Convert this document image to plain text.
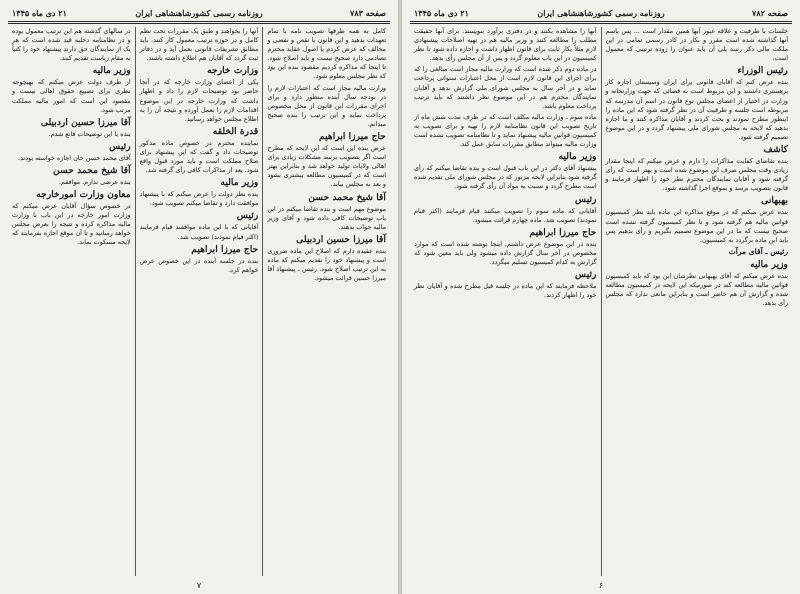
۲۱ دی ماه ۱۳۴۵	روزنامه رسمی کشورشاهنشاهی ایران	صفحه ۷۸۳
کامل به همه طرفها تصویب نامه با تمام تعهدات بدهید و این قانون با نقص و نقضی و مخالف که عرض کردم با اصول عقاید محترم تصادمی دارد صحیح نیست و باید اصلاح شود. تا اینجا که مذاکره کردیم مقصود بنده این بود که نظر مجلس معلوم شود.
وزارت مالیه مجاز است که اعتبارات لازم را در بودجه سال آینده منظور دارد و برای اجرای مقررات این قانون از محل مخصوص پرداخت نماید و این ترتیب را بنده صحیح میدانم.
حاج میرزا ابراهیم
عرض بنده این است که این لایحه که مطرح است اگر بتصویب برسد مشکلات زیادی برای اهالی ولایات تولید خواهد شد و بنابراین بهتر است که در کمیسیون مطالعه بیشتری بشود و بعد به مجلس بیاید.
آقا شیخ محمد حسن
موضوع مهم است و بنده تقاضا میکنم در این باب توضیحات کافی داده شود و آقای وزیر مالیه جواب بدهند.
آقا میرزا حسین اردبیلی
بنده عقیده دارم که اصلاح این ماده ضروری است و پیشنهاد خود را تقدیم میکنم که ماده به این ترتیب اصلاح شود. رئیس ـ پیشنهاد آقا میرزا حسین قرائت میشود.
آنها را بخواهند و طبق یک مقررات تحت نظم کامل و در حوزه ترتیب معمول کار کنند. باید مطابق تشریفات قانونی بعمل آید و در دفاتر ثبت گردد که آقایان هم اطلاع داشته باشند.
وزارت خارجه
یکی از اعضای وزارت خارجه که در آنجا حاضر بود توضیحات لازم را داد و اظهار داشت که وزارت خارجه در این موضوع اقدامات لازم را بعمل آورده و نتیجه آن را به اطلاع مجلس خواهد رسانید.
قدرة الخلقه
نماینده محترم در خصوص ماده مذکور توضیحات داد و گفت که این پیشنهاد برای صلاح مملکت است و باید مورد قبول واقع شود. بعد از مذاکرات کافی رأی گرفته شد.
وزیر مالیه
بنده نظر دولت را عرض میکنم که با پیشنهاد موافقت دارد و تقاضا میکنم تصویب شود.
رئیس
آقایانی که با این ماده موافقند قیام فرمایند (اکثر قیام نمودند) تصویب شد.
حاج میرزا ابراهیم
بنده در جلسه آینده در این خصوص عرض خواهم کرد.
در سالهای گذشته هم این ترتیب معمول بوده و در نظامنامه دخلیه قید شده است که هر یک از نمایندگان حق دارند پیشنهاد خود را کتباً به مقام ریاست تقدیم کنند.
وزیر مالیه
از طرف دولت عرض میکنم که بهیچوجه نظری برای تضییع حقوق اهالی نیست و مقصود این است که امور مالیه مملکت مرتب شود.
آقا میرزا حسین اردبیلی
بنده با این توضیحات قانع شدم.
رئیس
آقای محمد حسن خان اجازه خواسته بودند.
آقا شیخ محمد حسن
بنده عرضی ندارم. موافقم.
معاون وزارت امورخارجه
در خصوص سؤال آقایان عرض میکنم که وزارت امور خارجه در این باب با وزارت مالیه مذاکره کرده و نتیجه را بعرض مجلس خواهد رسانید و تا آن موقع اجازه بفرمایند که لایحه مسکوت بماند.
۷
۲۱ دی ماه ۱۳۴۵	روزنامه رسمی کشورشاهنشاهی ایران	صفحه ۷۸۲
جلسات با طرفیت و علاقه عبور آنها همین مقدار است ... پس باسم آنها گذاشته شده است مقرر و بکار در کادر رسمی تمامی در این ملکت مالی دکر رسد بلی آن باید عنوان را زوده ترتیبی که معمول است.
رئیس الوزراء
بنده عرض کنم که آقایان قانونی برای ایران وسیستان اجازه کار برهستری داشتند و این مربوط است به قضائی که جهت وزارتخانه و وزارت در اختیار از اعضای مجلس نوع قانون در اسم آن مدرسه که مربوطه است جلسه و طرفیت آن در نظر گرفته شود که این ماده را اینطور مطرح نمودند و بحث کردند و آقایان مذاکره کنند و ما اجازه بدهید که لایحه به مجلس شورای ملی پیشنهاد گردد و در این موضوع تصمیم گرفته شود.
کاشف
بنده تقاضای کفایت مذاکرات را دارم و عرض میکنم که اینجا مقدار زیادی وقت مجلس صرف این موضوع شده است و بهتر است که رأی گرفته شود و آقایان نمایندگان محترم نظر خود را اظهار فرمایند و قانون بتصویب برسد و بموقع اجرا گذاشته شود.
بهبهانی
بنده عرض میکنم که در موقع مذاکره این ماده باید نظر کمیسیون قوانین مالیه هم گرفته شود و تا نظر کمیسیون گرفته نشده است صحیح نیست که ما در این موضوع تصمیم بگیریم و رأی بدهیم پس باید این ماده برگردد به کمیسیون.
رئیس ـ آقای مرآت
وزیر مالیه
بنده عرض میکنم که آقای بهبهانی نظرشان این بود که باید کمیسیون قوانین مالیه مطالعه کند در صورتیکه این لایحه در کمیسیون مطالعه شده و گزارش آن هم حاضر است و بنابراین مانعی ندارد که مجلس رأی بدهد.
آنها را مشاهده بکنند و در دفتری برآورد بنویسند. برای آنها حقیقت مطلب را مطالعه کنند و وزیر مالیه هم در تهیه اصلاحات پیشنهادی لازم مثلاً بکار ثابت برای قانون اظهار داشت و اجازه داده شود تا نظر کمیسیون در این باب معلوم گردد و پس از آن مجلس رأی بدهد.
در ماده دوم ذکر شده است که وزارت مالیه مجاز است مبالغی را که برای اجرای این قانون لازم است از محل اعتبارات سنواتی پرداخت نماید و در آخر سال به مجلس شورای ملی گزارش بدهد و آقایان نمایندگان محترم هم در این موضوع نظر داشتند که باید ترتیب پرداخت معلوم باشد.
ماده سوم ـ وزارت مالیه مکلف است که در ظرف مدت شش ماه از تاریخ تصویب این قانون نظامنامه لازم را تهیه و برای تصویب به کمیسیون قوانین مالیه پیشنهاد نماید و تا نظامنامه تصویب نشده است وزارت مالیه میتواند مطابق مقررات سابق عمل کند.
وزیر مالیه
پیشنهاد آقای دکتر در این باب قبول است و بنده تقاضا میکنم که رأی گرفته شود بنابراین لایحه مزبور که در مجلس شورای ملی تقدیم شده است مطرح گردد و نسبت به مواد آن رأی گرفته شود.
رئیس
آقایانی که ماده سوم را تصویب میکنند قیام فرمایند (اکثر قیام نمودند) تصویب شد. ماده چهارم قرائت میشود.
حاج میرزا ابراهیم
بنده در این موضوع عرض داشتم. اینجا نوشته شده است که موارد مخصوص در آخر سال گزارش داده میشود ولی باید معین شود که گزارش به کدام کمیسیون تسلیم میگردد.
رئیس
ملاحظه فرمایند که این ماده در جلسه قبل مطرح شده و آقایان نظر خود را اظهار کردند.
۶
